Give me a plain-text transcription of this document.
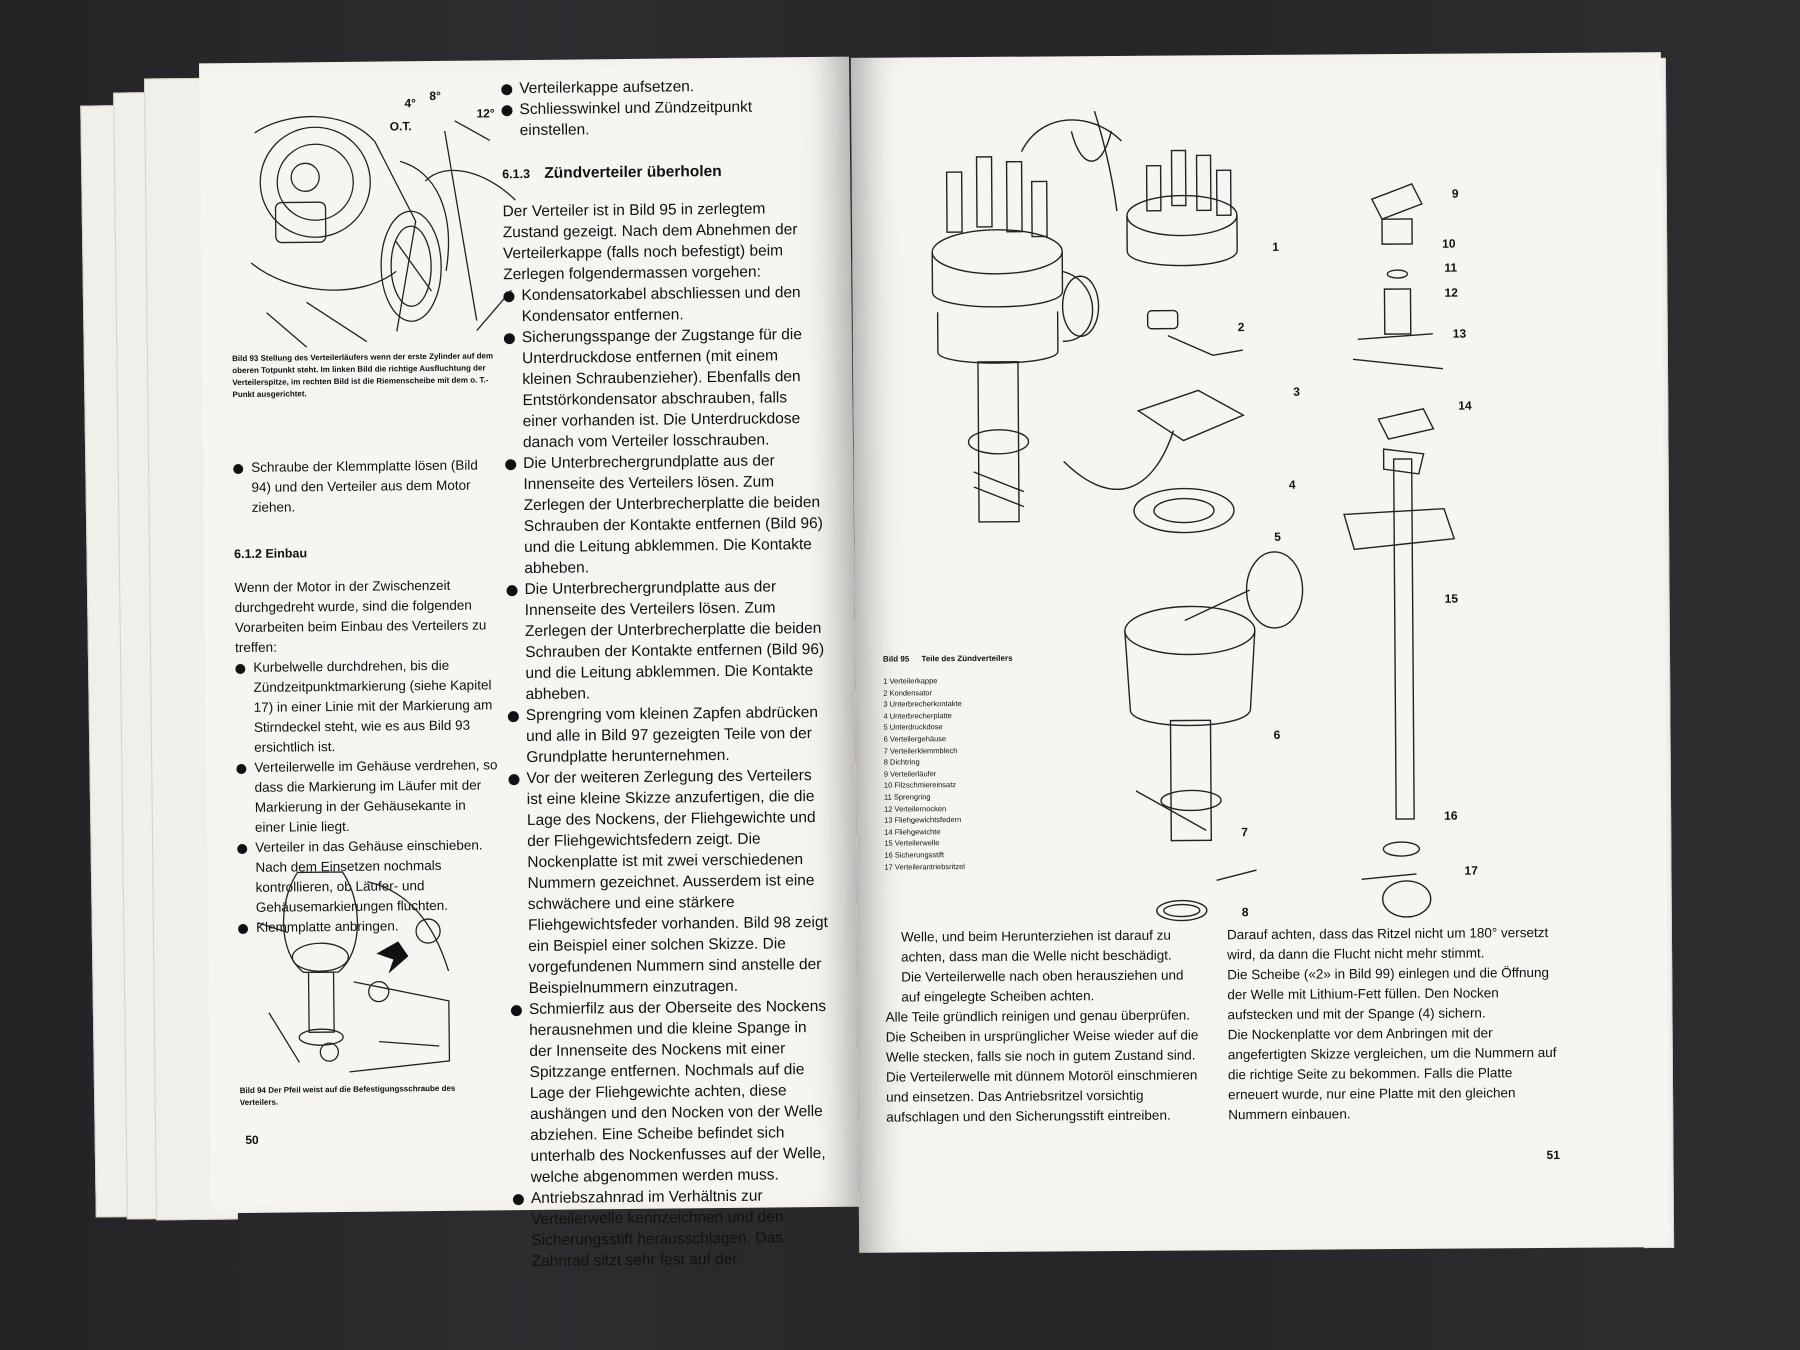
4°
8°
O.T.
12°
Bild 93 Stellung des Verteilerläufers wenn der erste Zylinder auf dem oberen Totpunkt steht. Im linken Bild die richtige Ausfluchtung der Verteilerspitze, im rechten Bild ist die Riemenscheibe mit dem o. T.-Punkt ausgerichtet.

Schraube der Klemmplatte lösen (Bild 94) und den Verteiler aus dem Motor ziehen.

6.1.2 Einbau

Wenn der Motor in der Zwischenzeit durchgedreht wurde, sind die folgenden Vorarbeiten beim Einbau des Verteilers zu treffen:

Kurbelwelle durchdrehen, bis die Zündzeitpunktmarkierung (siehe Kapitel 17) in einer Linie mit der Markierung am Stirndeckel steht, wie es aus Bild 93 ersichtlich ist.

Verteilerwelle im Gehäuse verdrehen, so dass die Markierung im Läufer mit der Markierung in der Gehäusekante in einer Linie liegt.

Verteiler in das Gehäuse einschieben. Nach dem Einsetzen nochmals kontrollieren, ob Läufer- und Gehäusemarkierungen fluchten.

Klemmplatte anbringen.

Bild 94 Der Pfeil weist auf die Befestigungsschraube des Verteilers.
50

Verteilerkappe aufsetzen.

Schliesswinkel und Zündzeitpunkt einstellen.

6.1.3 Zündverteiler überholen

Der Verteiler ist in Bild 95 in zerlegtem Zustand gezeigt. Nach dem Abnehmen der Verteilerkappe (falls noch befestigt) beim Zerlegen folgendermassen vorgehen:

Kondensatorkabel abschliessen und den Kondensator entfernen.

Sicherungsspange der Zugstange für die Unterdruckdose entfernen (mit einem kleinen Schraubenzieher). Ebenfalls den Entstörkondensator abschrauben, falls einer vorhanden ist. Die Unterdruckdose danach vom Verteiler losschrauben.

Die Unterbrechergrundplatte aus der Innenseite des Verteilers lösen. Zum Zerlegen der Unterbrecherplatte die beiden Schrauben der Kontakte entfernen (Bild 96) und die Leitung abklemmen. Die Kontakte abheben.

Die Unterbrechergrundplatte aus der Innenseite des Verteilers lösen. Zum Zerlegen der Unterbrecherplatte die beiden Schrauben der Kontakte entfernen (Bild 96) und die Leitung abklemmen. Die Kontakte abheben.

Sprengring vom kleinen Zapfen abdrücken und alle in Bild 97 gezeigten Teile von der Grundplatte herunternehmen.

Vor der weiteren Zerlegung des Verteilers ist eine kleine Skizze anzufertigen, die die Lage des Nockens, der Fliehgewichte und der Fliehgewichtsfedern zeigt. Die Nockenplatte ist mit zwei verschiedenen Nummern gezeichnet. Ausserdem ist eine schwächere und eine stärkere Fliehgewichtsfeder vorhanden. Bild 98 zeigt ein Beispiel einer solchen Skizze. Die vorgefundenen Nummern sind anstelle der Beispielnummern einzutragen.

Schmierfilz aus der Oberseite des Nockens herausnehmen und die kleine Spange in der Innenseite des Nockens mit einer Spitzzange entfernen. Nochmals auf die Lage der Fliehgewichte achten, diese aushängen und den Nocken von der Welle abziehen. Eine Scheibe befindet sich unterhalb des Nockenfusses auf der Welle, welche abgenommen werden muss.

Antriebszahnrad im Verhältnis zur Verteilerwelle kennzeichnen und den Sicherungsstift herausschlagen. Das Zahnrad sitzt sehr fest auf der

1
2
3
4
5
6
7
8
9
10
11
12
13
14
15
16
17
Bild 95 Teile des Zündverteilers
1 Verteilerkappe
2 Kondensator
3 Unterbrecherkontakte
4 Unterbrecherplatte
5 Unterdruckdose
6 Verteilergehäuse
7 Verteilerklemmblech
8 Dichtring
9 Verteilerläufer
10 Filzschmiereinsatz
11 Sprengring
12 Verteilernocken
13 Fliehgewichtsfedern
14 Fliehgewichte
15 Verteilerwelle
16 Sicherungsstift
17 Verteilerantriebsritzel

Welle, und beim Herunterziehen ist darauf zu achten, dass man die Welle nicht beschädigt.

Die Verteilerwelle nach oben herausziehen und auf eingelegte Scheiben achten.

Alle Teile gründlich reinigen und genau überprüfen.

Die Scheiben in ursprünglicher Weise wieder auf die Welle stecken, falls sie noch in gutem Zustand sind.

Die Verteilerwelle mit dünnem Motoröl einschmieren und einsetzen. Das Antriebsritzel vorsichtig aufschlagen und den Sicherungsstift eintreiben.

Darauf achten, dass das Ritzel nicht um 180° versetzt wird, da dann die Flucht nicht mehr stimmt.

Die Scheibe («2» in Bild 99) einlegen und die Öffnung der Welle mit Lithium-Fett füllen. Den Nocken aufstecken und mit der Spange (4) sichern.

Die Nockenplatte vor dem Anbringen mit der angefertigten Skizze vergleichen, um die Nummern auf die richtige Seite zu bekommen. Falls die Platte erneuert wurde, nur eine Platte mit den gleichen Nummern einbauen.

51
